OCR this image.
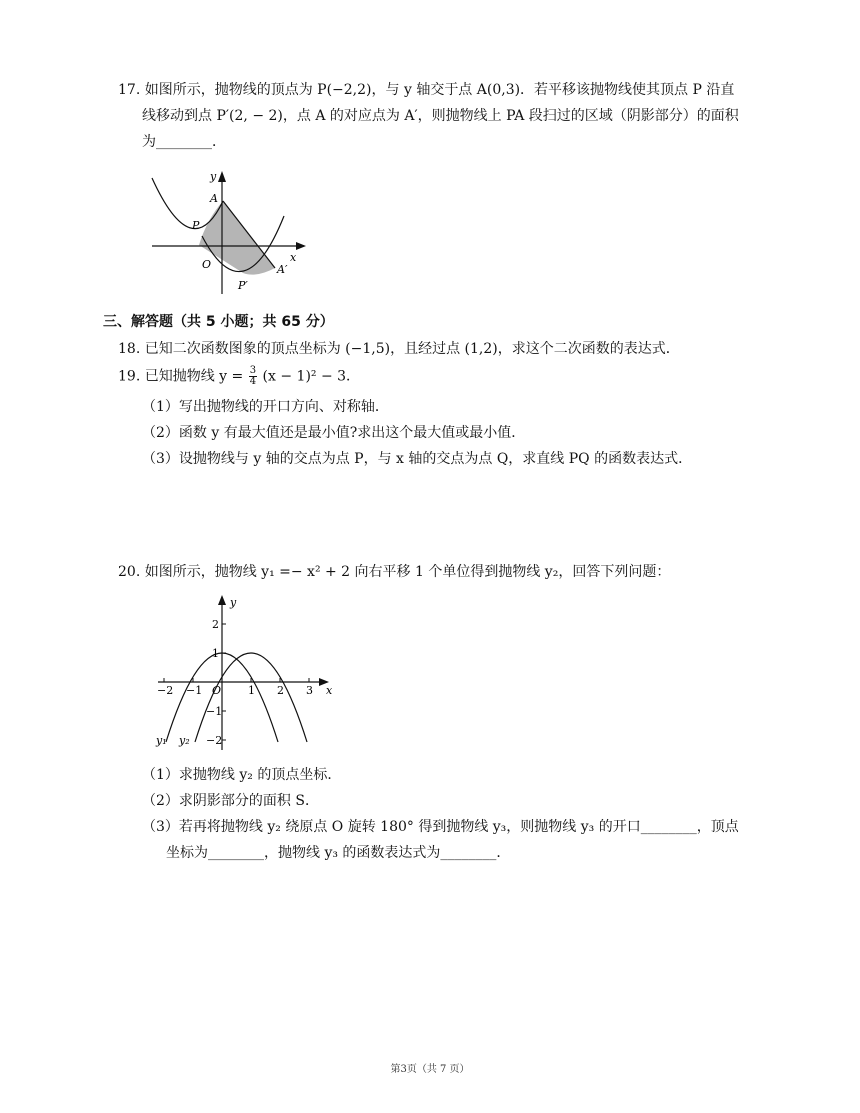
17. 如图所示，抛物线的顶点为 P(−2,2)，与 y 轴交于点 A(0,3)．若平移该抛物线使其顶点 P 沿直
线移动到点 P′(2, − 2)，点 A 的对应点为 A′，则抛物线上 PA 段扫过的区域（阴影部分）的面积
为________．
y
x
O
A
P
A′
P′
三、解答题（共 5 小题；共 65 分）
18. 已知二次函数图象的顶点坐标为 (−1,5)，且经过点 (1,2)，求这个二次函数的表达式．
19. 已知抛物线 $y = \frac{3}{4} (x - 1)^2 - 3$．
（1）写出抛物线的开口方向、对称轴．
（2）函数 y 有最大值还是最小值?求出这个最大值或最小值．
（3）设抛物线与 y 轴的交点为点 P，与 x 轴的交点为点 Q，求直线 PQ 的函数表达式．
20. 如图所示，抛物线 y₁ =− x² + 2 向右平移 1 个单位得到抛物线 y₂，回答下列问题：
−2 −1	1 2 3
2
1
−1
−2
y
x
O
y₁ y₂
（1）求抛物线 y₂ 的顶点坐标．
（2）求阴影部分的面积 S．
（3）若再将抛物线 y₂ 绕原点 O 旋转 180° 得到抛物线 y₃，则抛物线 y₃ 的开口________，顶点
坐标为________，抛物线 y₃ 的函数表达式为________．
第3页（共 7 页）
